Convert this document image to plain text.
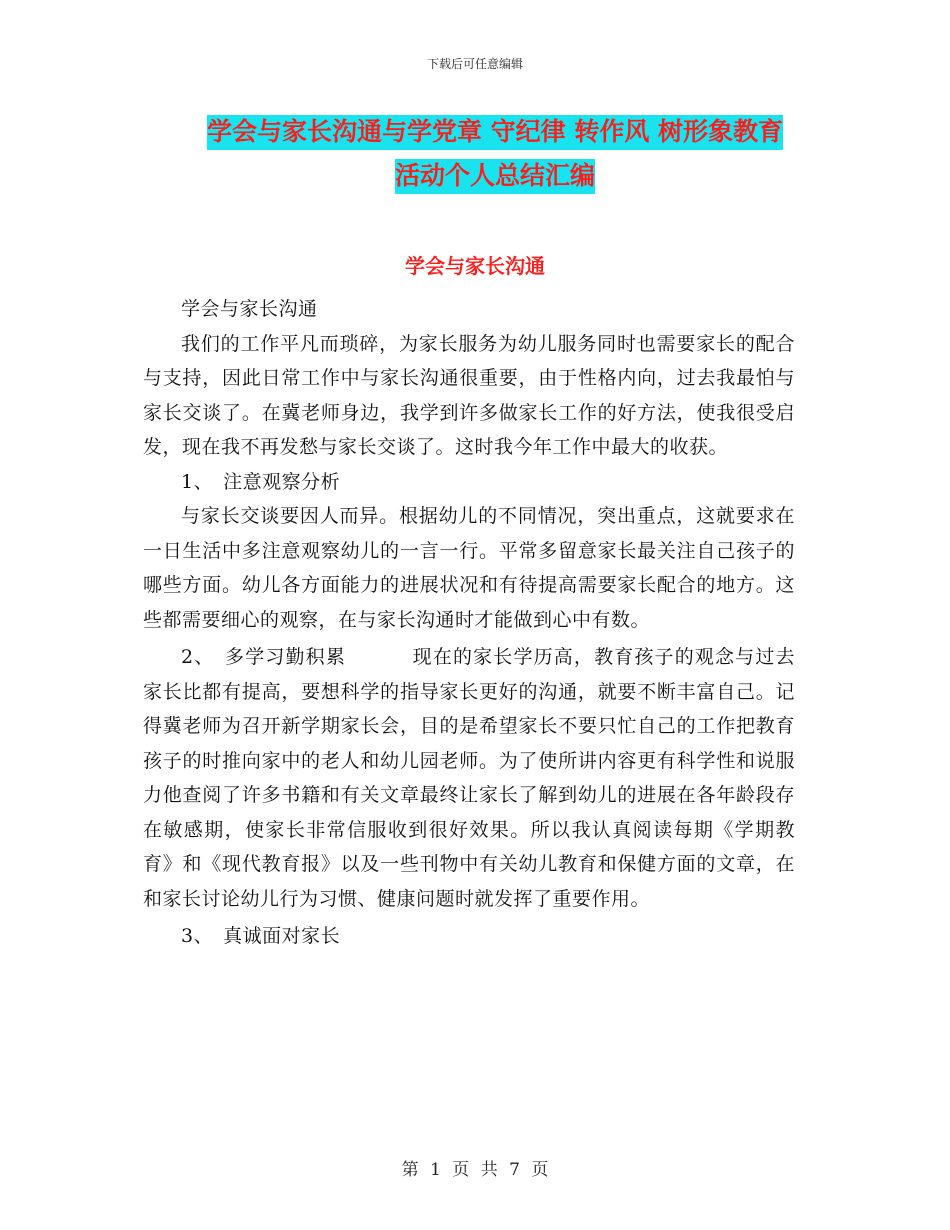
下载后可任意编辑
学会与家长沟通与学党章 守纪律 转作风 树形象教育
活动个人总结汇编
学会与家长沟通

学会与家长沟通

我们的工作平凡而琐碎，为家长服务为幼儿服务同时也需要家长的配合与支持，因此日常工作中与家长沟通很重要，由于性格内向，过去我最怕与家长交谈了。在冀老师身边，我学到许多做家长工作的好方法，使我很受启发，现在我不再发愁与家长交谈了。这时我今年工作中最大的收获。

1、　注意观察分析

与家长交谈要因人而异。根据幼儿的不同情况，突出重点，这就要求在一日生活中多注意观察幼儿的一言一行。平常多留意家长最关注自己孩子的哪些方面。幼儿各方面能力的进展状况和有待提高需要家长配合的地方。这些都需要细心的观察，在与家长沟通时才能做到心中有数。

2、　多学习勤积累	现在的家长学历高，教育孩子的观念与过去家长比都有提高，要想科学的指导家长更好的沟通，就要不断丰富自己。记得冀老师为召开新学期家长会，目的是希望家长不要只忙自己的工作把教育孩子的时推向家中的老人和幼儿园老师。为了使所讲内容更有科学性和说服力他查阅了许多书籍和有关文章最终让家长了解到幼儿的进展在各年龄段存在敏感期，使家长非常信服收到很好效果。所以我认真阅读每期《学期教育》和《现代教育报》以及一些刊物中有关幼儿教育和保健方面的文章，在和家长讨论幼儿行为习惯、健康问题时就发挥了重要作用。

3、　真诚面对家长

第 1 页 共 7 页
